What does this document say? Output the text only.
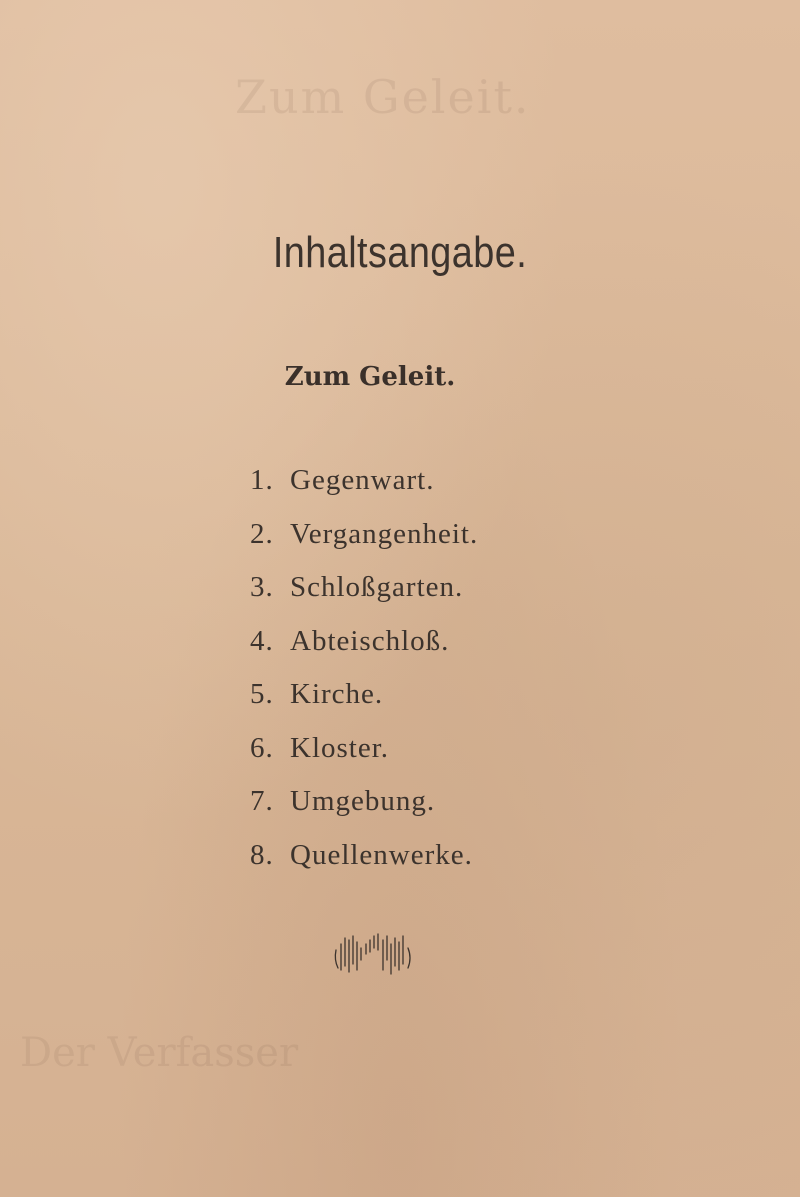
Zum Geleit.
Der Verfasser
Inhaltsangabe.
Zum Geleit.
1. Gegenwart.
2. Vergangenheit.
3. Schloßgarten.
4. Abteischloß.
5. Kirche.
6. Kloster.
7. Umgebung.
8. Quellenwerke.
